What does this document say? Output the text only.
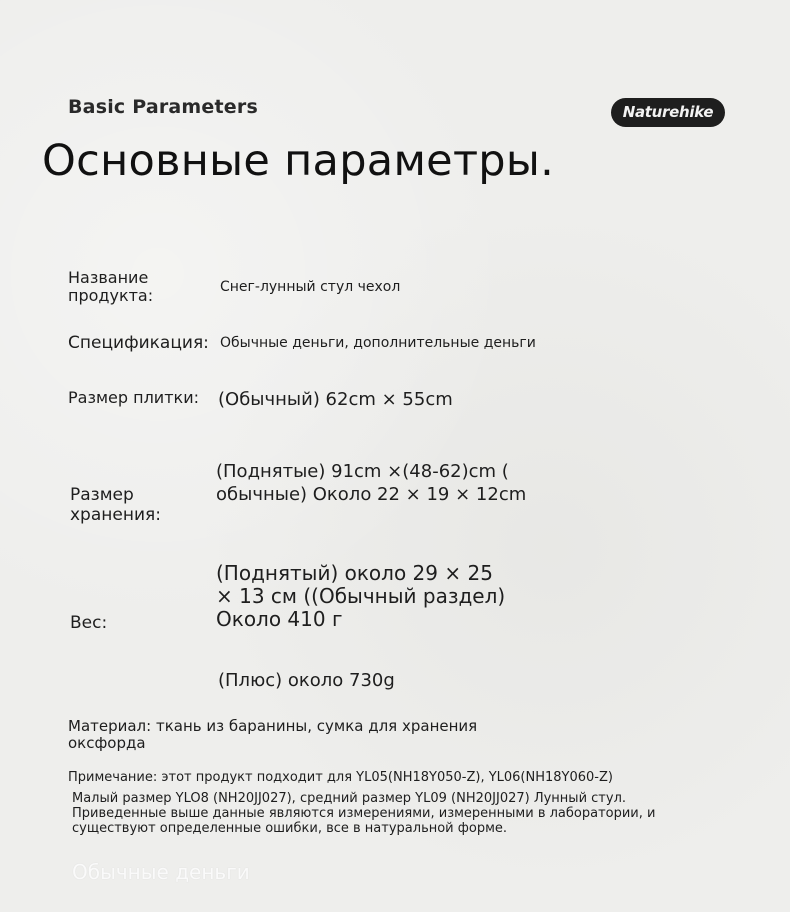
Basic Parameters	Naturehike
Основные параметры.
Название
продукта:	Снег-лунный стул чехол
Спецификация: Обычные деньги, дополнительные деньги
Размер плитки: (Обычный) 62cm × 55cm
(Поднятые) 91cm ×(48-62)cm (
обычные) Около 22 × 19 × 12cm
Размер
хранения:
(Поднятый) около 29 × 25
× 13 см ((Обычный раздел)
Около 410 г
Вес:
(Плюс) около 730g
Материал: ткань из баранины, сумка для хранения
оксфорда
Примечание: этот продукт подходит для YL05(NH18Y050-Z), YL06(NH18Y060-Z)
Малый размер YLO8 (NH20JJ027), средний размер YL09 (NH20JJ027) Лунный стул.
Приведенные выше данные являются измерениями, измеренными в лаборатории, и
существуют определенные ошибки, все в натуральной форме.
Обычные деньги
